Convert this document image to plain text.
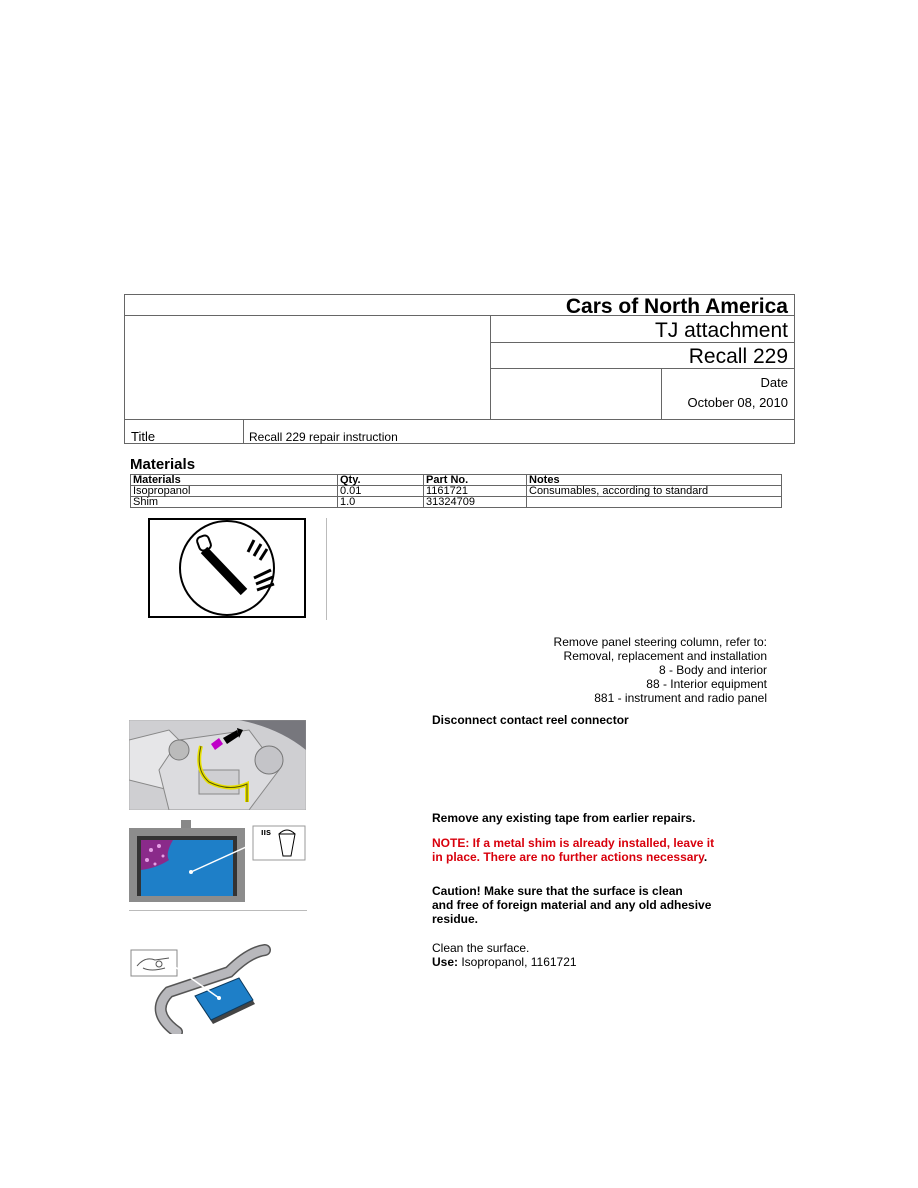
Cars of North America
TJ attachment
Recall 229
Date
October 08, 2010
Title	Recall 229 repair instruction
Materials
Materials	Qty.	Part No.	Notes
Isopropanol	0.01	1161721	Consumables, according to standard
Shim	1.0	31324709	
Remove panel steering column, refer to:
Removal, replacement and installation
8 - Body and interior
88 - Interior equipment
881 - instrument and radio panel
Disconnect contact reel connector
ııs
Remove any existing tape from earlier repairs.
NOTE: If a metal shim is already installed, leave it
in place. There are no further actions necessary.
Caution! Make sure that the surface is clean
and free of foreign material and any old adhesive
residue.
Clean the surface.
Use: Isopropanol, 1161721
